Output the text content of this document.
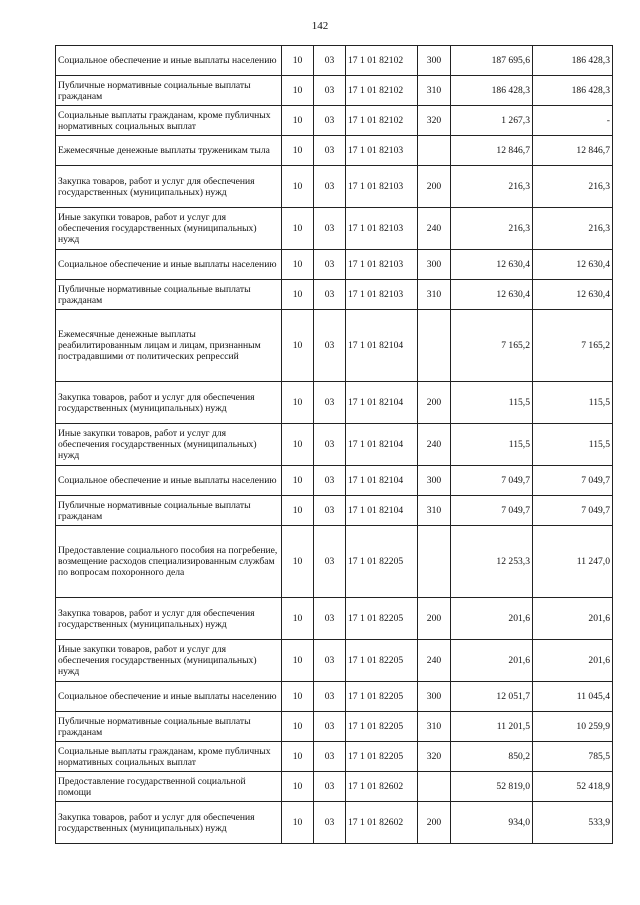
142
Социальное обеспечение и иные выплаты населению	10	03	17 1 01 82102	300	187 695,6	186 428,3
Публичные нормативные социальные выплаты гражданам	10	03	17 1 01 82102	310	186 428,3	186 428,3
Социальные выплаты гражданам, кроме публичных нормативных социальных выплат	10	03	17 1 01 82102	320	1 267,3	-
Ежемесячные денежные выплаты труженикам тыла	10	03	17 1 01 82103		12 846,7	12 846,7
Закупка товаров, работ и услуг для обеспечения государственных (муниципальных) нужд	10	03	17 1 01 82103	200	216,3	216,3
Иные закупки товаров, работ и услуг для обеспечения государственных (муниципальных) нужд	10	03	17 1 01 82103	240	216,3	216,3
Социальное обеспечение и иные выплаты населению	10	03	17 1 01 82103	300	12 630,4	12 630,4
Публичные нормативные социальные выплаты гражданам	10	03	17 1 01 82103	310	12 630,4	12 630,4
Ежемесячные денежные выплаты реабилитированным лицам и лицам, признанным пострадавшими от политических репрессий	10	03	17 1 01 82104		7 165,2	7 165,2
Закупка товаров, работ и услуг для обеспечения государственных (муниципальных) нужд	10	03	17 1 01 82104	200	115,5	115,5
Иные закупки товаров, работ и услуг для обеспечения государственных (муниципальных) нужд	10	03	17 1 01 82104	240	115,5	115,5
Социальное обеспечение и иные выплаты населению	10	03	17 1 01 82104	300	7 049,7	7 049,7
Публичные нормативные социальные выплаты гражданам	10	03	17 1 01 82104	310	7 049,7	7 049,7
Предоставление социального пособия на погребение, возмещение расходов специализированным службам по вопросам похоронного дела	10	03	17 1 01 82205		12 253,3	11 247,0
Закупка товаров, работ и услуг для обеспечения государственных (муниципальных) нужд	10	03	17 1 01 82205	200	201,6	201,6
Иные закупки товаров, работ и услуг для обеспечения государственных (муниципальных) нужд	10	03	17 1 01 82205	240	201,6	201,6
Социальное обеспечение и иные выплаты населению	10	03	17 1 01 82205	300	12 051,7	11 045,4
Публичные нормативные социальные выплаты гражданам	10	03	17 1 01 82205	310	11 201,5	10 259,9
Социальные выплаты гражданам, кроме публичных нормативных социальных выплат	10	03	17 1 01 82205	320	850,2	785,5
Предоставление государственной социальной помощи	10	03	17 1 01 82602		52 819,0	52 418,9
Закупка товаров, работ и услуг для обеспечения государственных (муниципальных) нужд	10	03	17 1 01 82602	200	934,0	533,9
